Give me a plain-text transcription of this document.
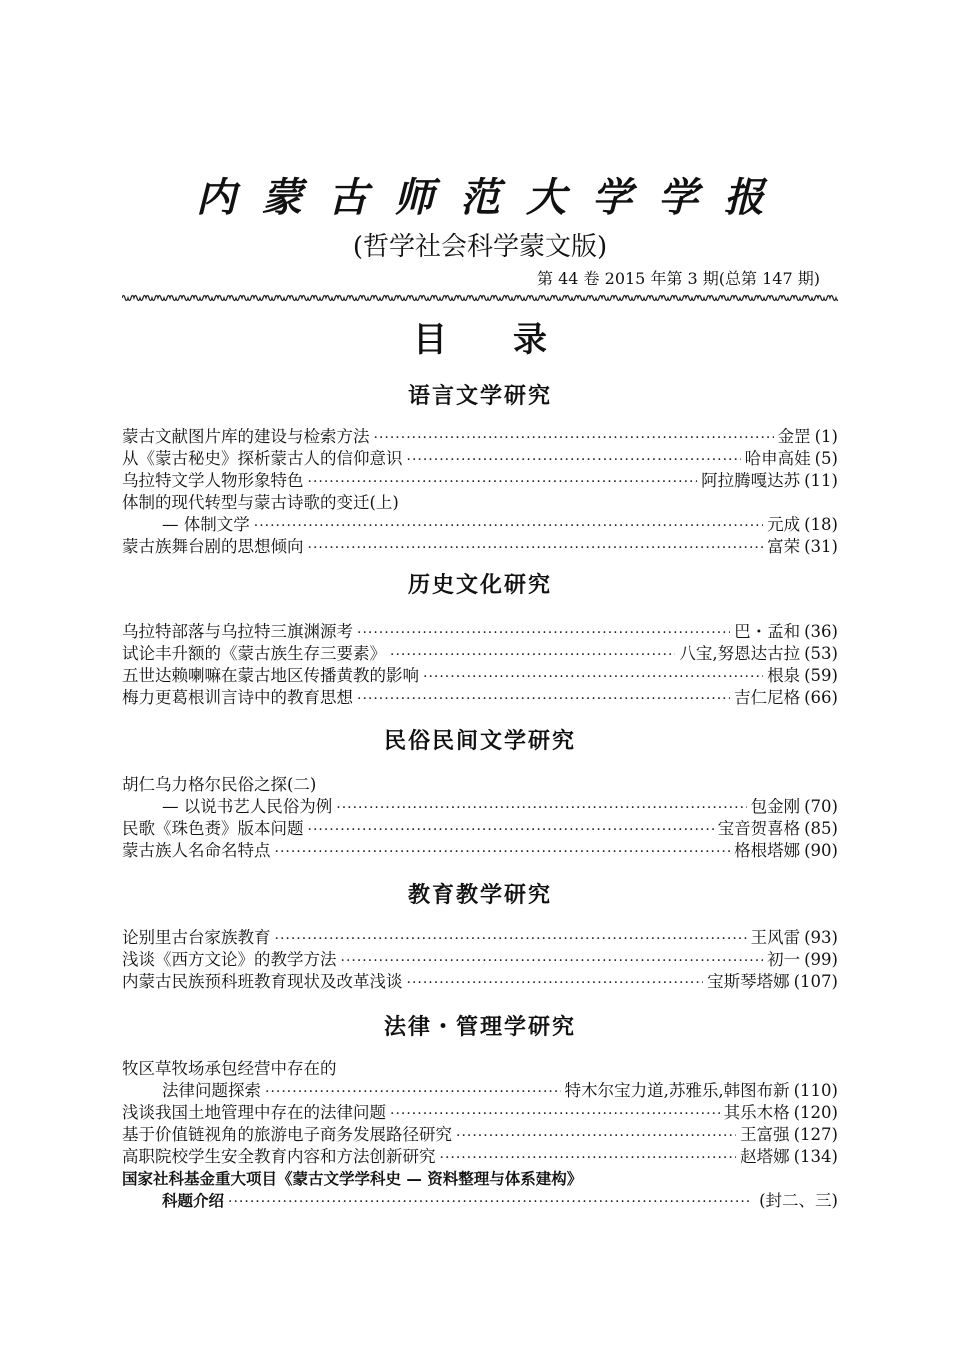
内蒙古师范大学学报
(哲学社会科学蒙文版)
第 44 卷 2015 年第 3 期(总第 147 期)
目录
语言文学研究
蒙古文献图片库的建设与检索方法 ·····	金罡 (1)
从《蒙古秘史》探析蒙古人的信仰意识 ·····	哈申高娃 (5)
乌拉特文学人物形象特色 ·····	阿拉腾嘎达苏 (11)
体制的现代转型与蒙古诗歌的变迁(上)
— 体制文学 ·····	元成 (18)
蒙古族舞台剧的思想倾向 ·····	富荣 (31)
历史文化研究
乌拉特部落与乌拉特三旗渊源考 ·····	巴・孟和 (36)
试论丰升额的《蒙古族生存三要素》 ·····	八宝,努恩达古拉 (53)
五世达赖喇嘛在蒙古地区传播黄教的影响 ·····	根泉 (59)
梅力更葛根训言诗中的教育思想 ·····	吉仁尼格 (66)
民俗民间文学研究
胡仁乌力格尔民俗之探(二)
— 以说书艺人民俗为例 ·····	包金刚 (70)
民歌《珠色赉》版本问题 ·····	宝音贺喜格 (85)
蒙古族人名命名特点 ·····	格根塔娜 (90)
教育教学研究
论别里古台家族教育 ·····	王风雷 (93)
浅谈《西方文论》的教学方法 ·····	初一 (99)
内蒙古民族预科班教育现状及改革浅谈 ·····	宝斯琴塔娜 (107)
法律・管理学研究
牧区草牧场承包经营中存在的
法律问题探索 ·····	特木尔宝力道,苏雅乐,韩图布新 (110)
浅谈我国土地管理中存在的法律问题 ·····	其乐木格 (120)
基于价值链视角的旅游电子商务发展路径研究 ·····	王富强 (127)
高职院校学生安全教育内容和方法创新研究 ·····	赵塔娜 (134)
国家社科基金重大项目《蒙古文学学科史 — 资料整理与体系建构》
科题介绍 ·····	(封二、三)
